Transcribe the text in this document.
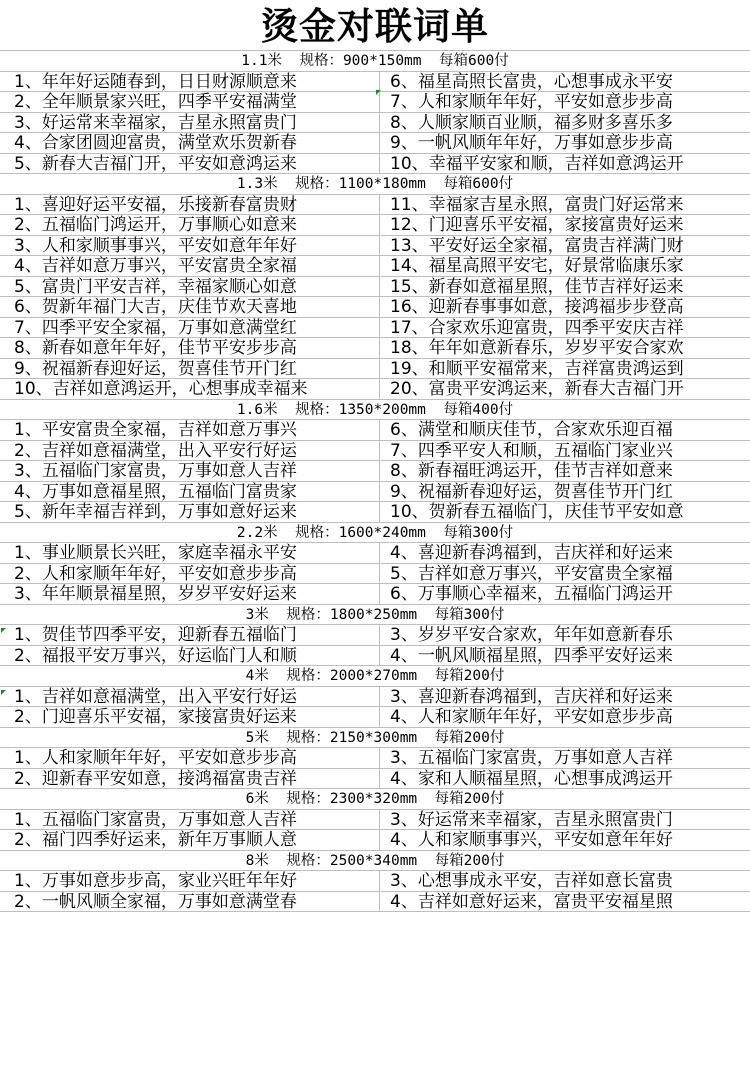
烫金对联词单
1.1米 规格：900*150mm 每箱600付
1、年年好运随春到，日日财源顺意来	6、福星高照长富贵，心想事成永平安
2、全年顺景家兴旺，四季平安福满堂	7、人和家顺年年好，平安如意步步高
3、好运常来幸福家，吉星永照富贵门	8、人顺家顺百业顺，福多财多喜乐多
4、合家团圆迎富贵，满堂欢乐贺新春	9、一帆风顺年年好，万事如意步步高
5、新春大吉福门开，平安如意鸿运来	10、幸福平安家和顺，吉祥如意鸿运开
1.3米 规格：1100*180mm 每箱600付
1、喜迎好运平安福，乐接新春富贵财	11、幸福家吉星永照，富贵门好运常来
2、五福临门鸿运开，万事顺心如意来	12、门迎喜乐平安福，家接富贵好运来
3、人和家顺事事兴，平安如意年年好	13、平安好运全家福，富贵吉祥满门财
4、吉祥如意万事兴，平安富贵全家福	14、福星高照平安宅，好景常临康乐家
5、富贵门平安吉祥，幸福家顺心如意	15、新春如意福星照，佳节吉祥好运来
6、贺新年福门大吉，庆佳节欢天喜地	16、迎新春事事如意，接鸿福步步登高
7、四季平安全家福，万事如意满堂红	17、合家欢乐迎富贵，四季平安庆吉祥
8、新春如意年年好，佳节平安步步高	18、年年如意新春乐，岁岁平安合家欢
9、祝福新春迎好运，贺喜佳节开门红	19、和顺平安福常来，吉祥富贵鸿运到
10、吉祥如意鸿运开，心想事成幸福来	20、富贵平安鸿运来，新春大吉福门开
1.6米 规格：1350*200mm 每箱400付
1、平安富贵全家福，吉祥如意万事兴	6、满堂和顺庆佳节，合家欢乐迎百福
2、吉祥如意福满堂，出入平安行好运	7、四季平安人和顺，五福临门家业兴
3、五福临门家富贵，万事如意人吉祥	8、新春福旺鸿运开，佳节吉祥如意来
4、万事如意福星照，五福临门富贵家	9、祝福新春迎好运，贺喜佳节开门红
5、新年幸福吉祥到，万事如意好运来	10、贺新春五福临门，庆佳节平安如意
2.2米 规格：1600*240mm 每箱300付
1、事业顺景长兴旺，家庭幸福永平安	4、喜迎新春鸿福到，吉庆祥和好运来
2、人和家顺年年好，平安如意步步高	5、吉祥如意万事兴，平安富贵全家福
3、年年顺景福星照，岁岁平安好运来	6、万事顺心幸福来，五福临门鸿运开
3米 规格：1800*250mm 每箱300付
1、贺佳节四季平安，迎新春五福临门	3、岁岁平安合家欢，年年如意新春乐
2、福报平安万事兴，好运临门人和顺	4、一帆风顺福星照，四季平安好运来
4米 规格：2000*270mm 每箱200付
1、吉祥如意福满堂，出入平安行好运	3、喜迎新春鸿福到，吉庆祥和好运来
2、门迎喜乐平安福，家接富贵好运来	4、人和家顺年年好，平安如意步步高
5米 规格：2150*300mm 每箱200付
1、人和家顺年年好，平安如意步步高	3、五福临门家富贵，万事如意人吉祥
2、迎新春平安如意，接鸿福富贵吉祥	4、家和人顺福星照，心想事成鸿运开
6米 规格：2300*320mm 每箱200付
1、五福临门家富贵，万事如意人吉祥	3、好运常来幸福家，吉星永照富贵门
2、福门四季好运来，新年万事顺人意	4、人和家顺事事兴，平安如意年年好
8米 规格：2500*340mm 每箱200付
1、万事如意步步高，家业兴旺年年好	3、心想事成永平安，吉祥如意长富贵
2、一帆风顺全家福，万事如意满堂春	4、吉祥如意好运来，富贵平安福星照
